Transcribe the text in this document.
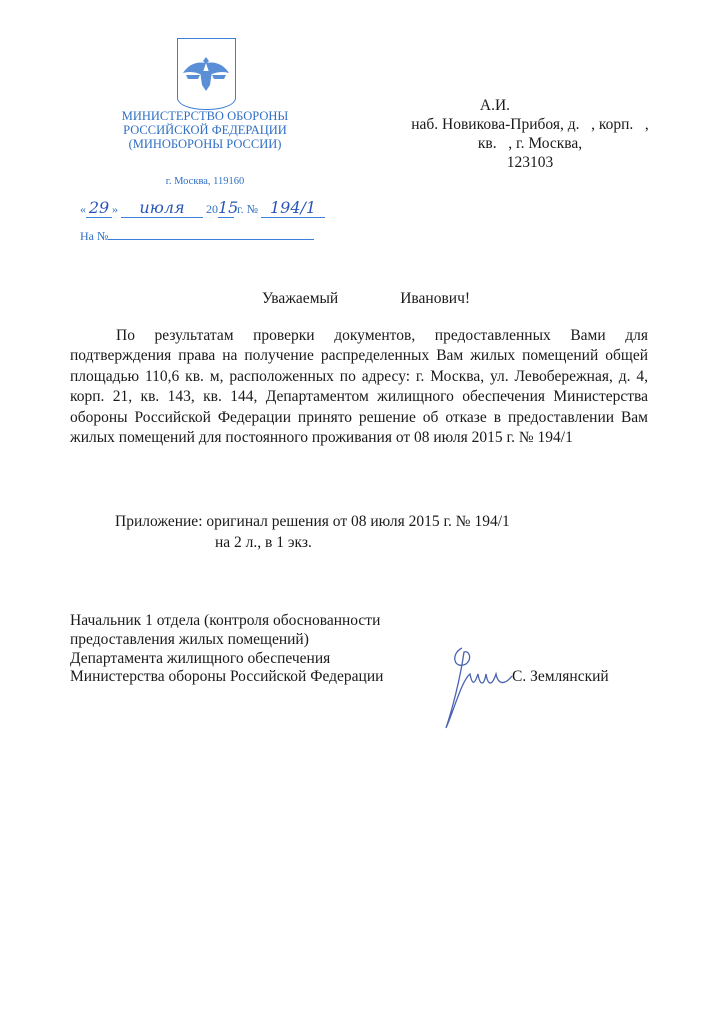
МИНИСТЕРСТВО ОБОРОНЫ
РОССИЙСКОЙ ФЕДЕРАЦИИ
(МИНОБОРОНЫ РОССИИ)
г. Москва, 119160
« 29 » июля 2015 г. № 194/1
На №
А.И.
наб. Новикова-Прибоя, д.   , корп.   ,
кв.   , г. Москва,
123103
Уважаемый	Иванович!
По результатам проверки документов, предоставленных Вами для подтверждения права на получение распределенных Вам жилых помещений общей площадью 110,6 кв. м, расположенных по адресу: г. Москва, ул. Левобережная, д. 4, корп. 21, кв. 143, кв. 144, Департаментом жилищного обеспечения Министерства обороны Российской Федерации принято решение об отказе в предоставлении Вам жилых помещений для постоянного проживания от 08 июля 2015 г. № 194/1
Приложение: оригинал решения от 08 июля 2015 г. № 194/1
на 2 л., в 1 экз.
Начальник 1 отдела (контроля обоснованности
предоставления жилых помещений)
Департамента жилищного обеспечения
Министерства обороны Российской Федерации	С. Землянский
